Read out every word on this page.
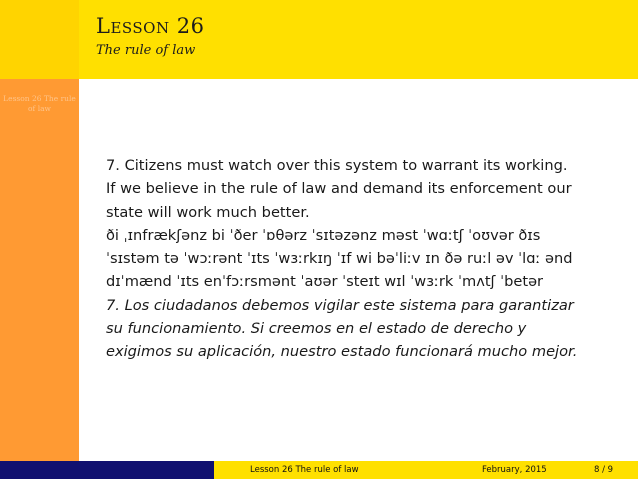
Lesson 26
The rule of law
Lesson 26 The rule of law
7. Citizens must watch over this system to warrant its working.
If we believe in the rule of law and demand its enforcement our
state will work much better.
ði ˌɪnfrækʃənz bi ˈðer ˈɒθərz ˈsɪtəzənz məst ˈwɑːtʃ ˈoʊvər ðɪs
ˈsɪstəm tə ˈwɔːrənt ˈɪts ˈwɜːrkɪŋ ˈɪf wi bəˈliːv ɪn ðə ruːl əv ˈlɑː ənd
dɪˈmænd ˈɪts enˈfɔːrsmənt ˈaʊər ˈsteɪt wɪl ˈwɜːrk ˈmʌtʃ ˈbetər
7. Los ciudadanos debemos vigilar este sistema para garantizar
su funcionamiento. Si creemos en el estado de derecho y
exigimos su aplicación, nuestro estado funcionará mucho mejor.
Lesson 26 The rule of law	February, 2015	8 / 9
